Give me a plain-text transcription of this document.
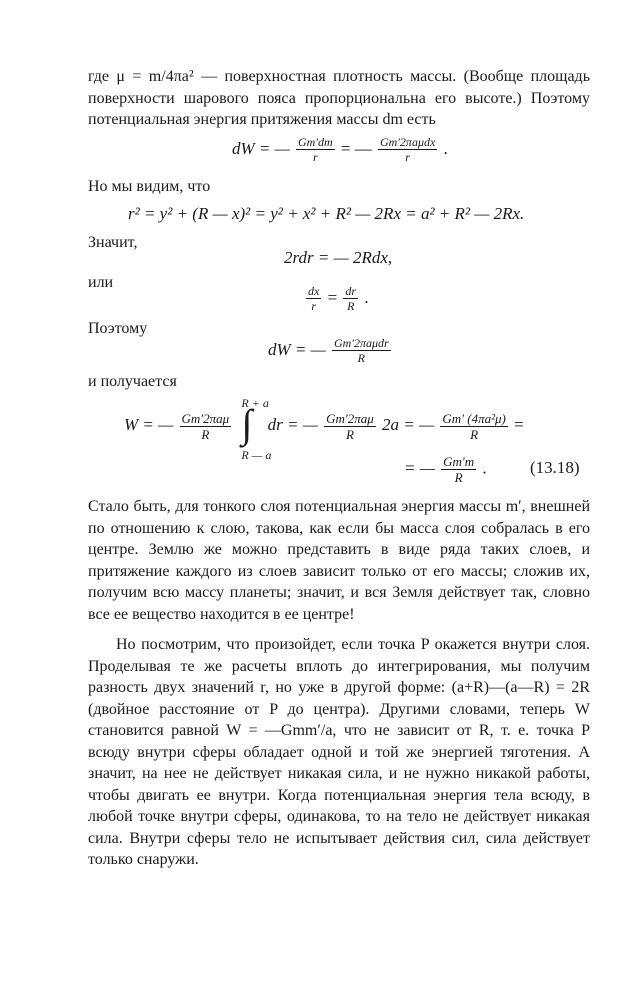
где μ = m/4πa² — поверхностная плотность массы. (Вообще площадь поверхности шарового пояса пропорциональна его высоте.) Поэтому потенциальная энергия притяжения массы dm есть

dW = — $\frac{Gm'dm}{r}$ = — $\frac{\text{Gm′2πaμdx}}{r}$ .
Но мы видим, что
r² = y² + (R — x)² = y² + x² + R² — 2Rx = a² + R² — 2Rx.
Значит,
2rdr = — 2Rdx,
или
$\frac{dx}{r} = \frac{dr}{R}$ .
Поэтому
dW = — $\frac{\text{Gm′2πaμdr}}{R}$
и получается
W = — $\frac{\text{Gm′2πaμ}}{R}$

R + a
∫
R — a
dr = — $\frac{\text{Gm′2πaμ}}{R} 2a$ = — $\frac{\text{Gm′ (4πa²μ)}}{R}$ =
= — $\frac{Gm'm}{R}$ .	(13.18)

Стало быть, для тонкого слоя потенциальная энергия массы m′, внешней по отношению к слою, такова, как если бы масса слоя собралась в его центре. Землю же можно представить в виде ряда таких слоев, и притяжение каждого из слоев зависит только от его массы; сложив их, получим всю массу планеты; значит, и вся Земля действует так, словно все ее вещество находится в ее центре!

Но посмотрим, что произойдет, если точка P окажется внутри слоя. Проделывая те же расчеты вплоть до интегрирования, мы получим разность двух значений r, но уже в другой форме: (a+R)—(a—R) = 2R (двойное расстояние от P до центра). Другими словами, теперь W становится равной W = —Gmm′/a, что не зависит от R, т. е. точка P всюду внутри сферы обладает одной и той же энергией тяготения. А значит, на нее не действует никакая сила, и не нужно никакой работы, чтобы двигать ее внутри. Когда потенциальная энергия тела всюду, в любой точке внутри сферы, одинакова, то на тело не действует никакая сила. Внутри сферы тело не испытывает действия сил, сила действует только снаружи.
